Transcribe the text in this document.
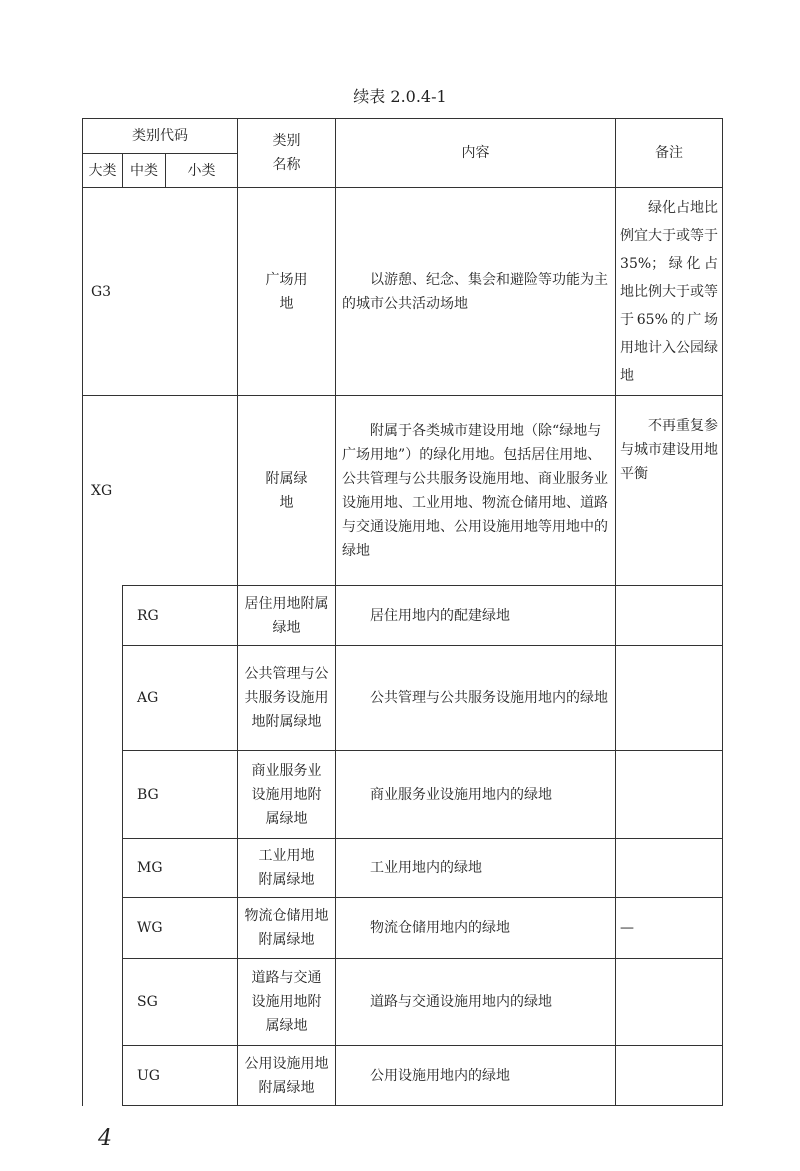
续表 2.0.4-1
类别代码			类别
名称	内容	备注
大类	中类	小类			
G3			广场用地	以游憩、纪念、集会和避险等功能为主的城市公共活动场地	绿化占地比例宜大于或等于35%；绿化占地比例大于或等于65%的广场用地计入公园绿地
XG			附属绿地	附属于各类城市建设用地（除“绿地与广场用地”）的绿化用地。包括居住用地、公共管理与公共服务设施用地、商业服务业设施用地、工业用地、物流仓储用地、道路与交通设施用地、公用设施用地等用地中的绿地	不再重复参与城市建设用地平衡
	RG		居住用地附属绿地	居住用地内的配建绿地	
	AG		公共管理与公共服务设施用地附属绿地	公共管理与公共服务设施用地内的绿地	
	BG		商业服务业设施用地附属绿地	商业服务业设施用地内的绿地	
	MG		工业用地附属绿地	工业用地内的绿地	
	WG		物流仓储用地附属绿地	物流仓储用地内的绿地	—
	SG		道路与交通设施用地附属绿地	道路与交通设施用地内的绿地	
	UG		公用设施用地附属绿地	公用设施用地内的绿地	
4
